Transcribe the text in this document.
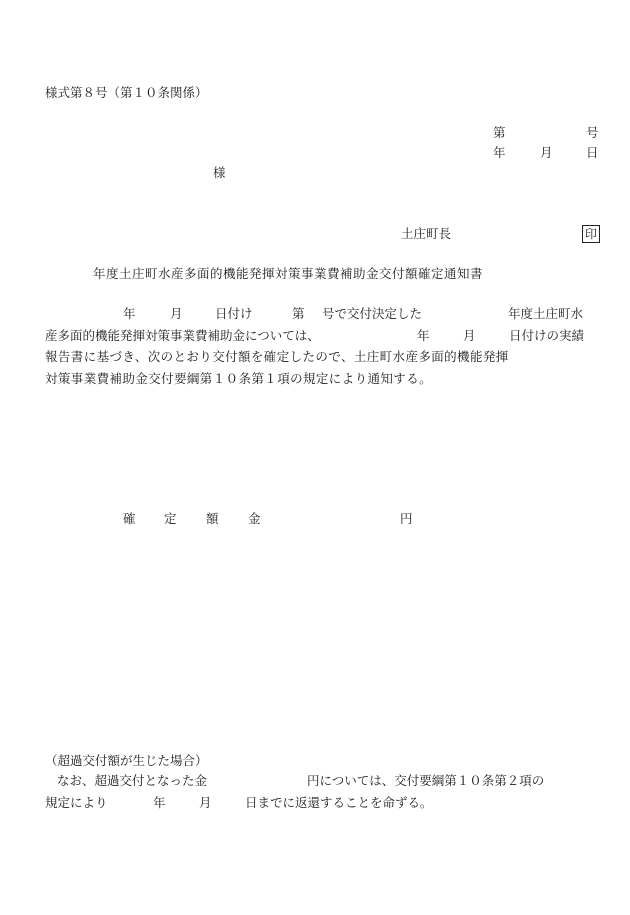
様式第８号（第１０条関係）
第	号
年	月	日
様
土庄町長	印
年度土庄町水産多面的機能発揮対策事業費補助金交付額確定通知書
年	月	日付け	第 号で交付決定した	年度土庄町水
産多面的機能発揮対策事業費補助金については、	年	月	日付けの実績
報告書に基づき、次のとおり交付額を確定したので、土庄町水産多面的機能発揮
対策事業費補助金交付要綱第１０条第１項の規定により通知する。
確 定 額 金	円
（超過交付額が生じた場合）
なお、超過交付となった金	円については、交付要綱第１０条第２項の
規定により	年	月	日までに返還することを命ずる。
